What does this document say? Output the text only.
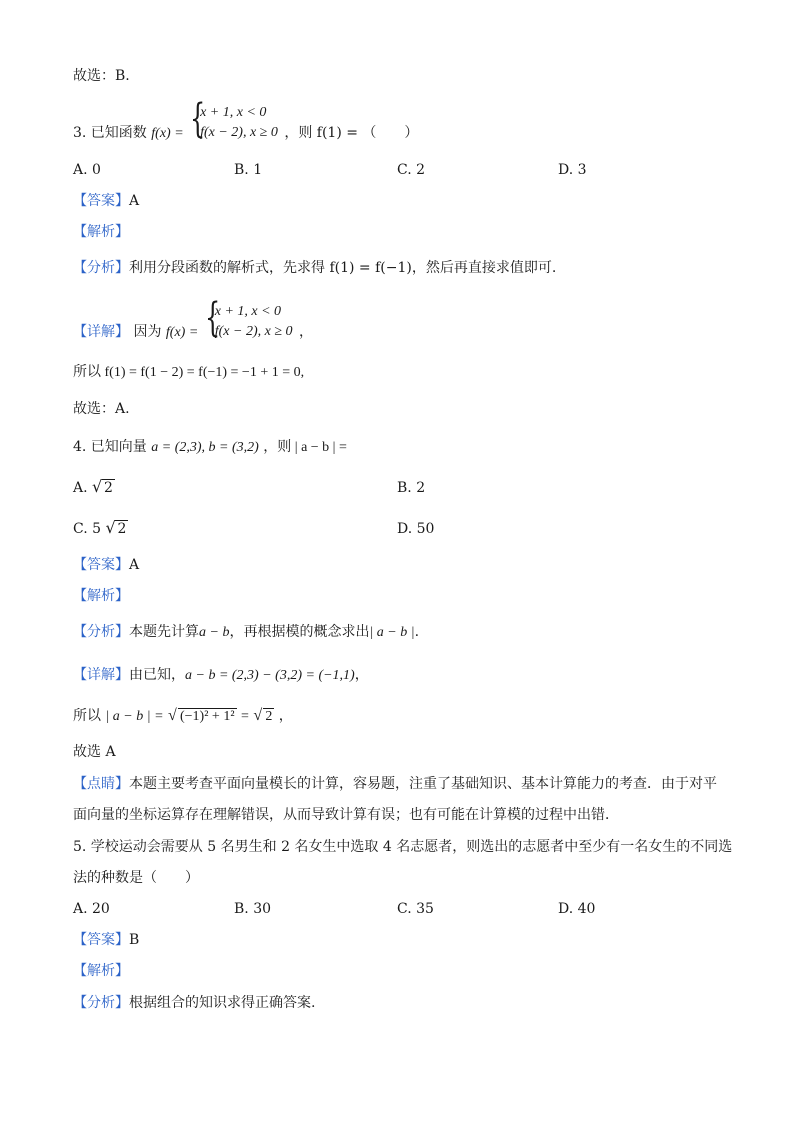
故选：B.
3. 已知函数 f(x) = {
x + 1, x < 0
f(x − 2), x ≥ 0 ，则 f(1) = （　　）
A. 0	B. 1	C. 2	D. 3
【答案】A
【解析】
【分析】利用分段函数的解析式，先求得 f(1) = f(−1)，然后再直接求值即可.
【详解】 因为 f(x) = {
x + 1, x < 0
f(x − 2), x ≥ 0 ，
所以 f(1) = f(1 − 2) = f(−1) = −1 + 1 = 0,
故选：A.
4. 已知向量 a = (2,3), b = (3,2) ，则 | a − b | =
A. √ 2	B. 2
C. 5 √ 2	D. 50
【答案】A
【解析】
【分析】本题先计算a − b，再根据模的概念求出| a − b |.
【详解】由已知，a − b = (2,3) − (3,2) = (−1,1)，
所以 | a − b | = √ (−1)² + 1² = √ 2 ，
故选 A
【点睛】本题主要考查平面向量模长的计算，容易题，注重了基础知识、基本计算能力的考查．由于对平
面向量的坐标运算存在理解错误，从而导致计算有误；也有可能在计算模的过程中出错．
5. 学校运动会需要从 5 名男生和 2 名女生中选取 4 名志愿者，则选出的志愿者中至少有一名女生的不同选
法的种数是（　　）
A. 20	B. 30	C. 35	D. 40
【答案】B
【解析】
【分析】根据组合的知识求得正确答案.
